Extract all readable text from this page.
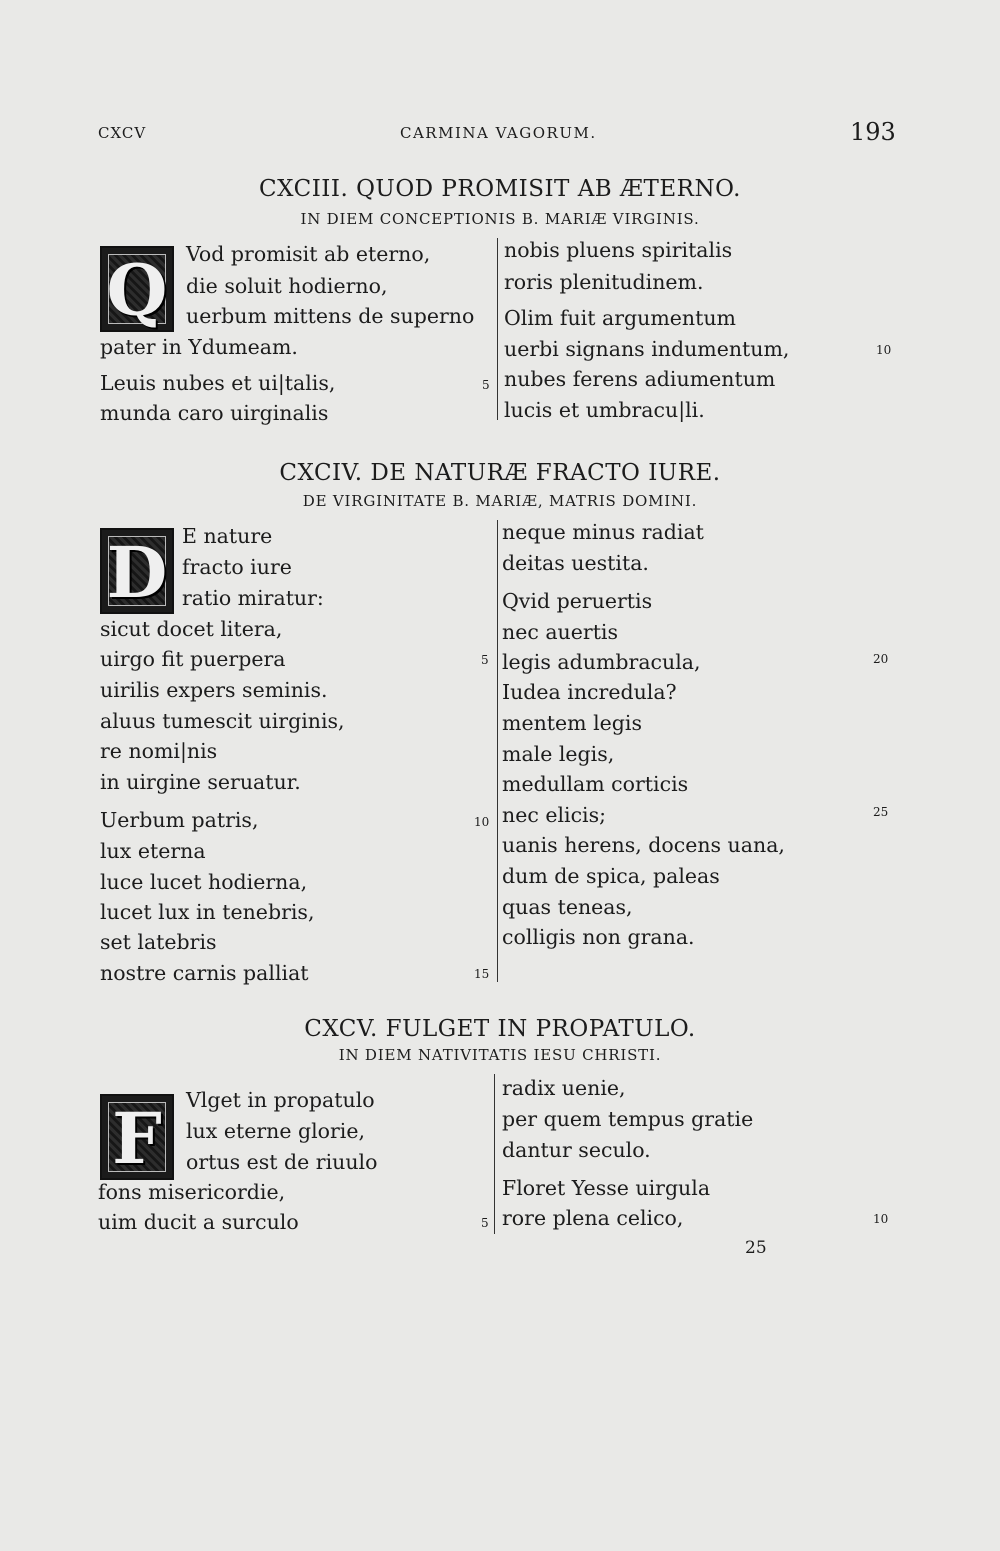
CXCV	CARMINA VAGORUM.	193
CXCIII. QUOD PROMISIT AB ÆTERNO.
IN DIEM CONCEPTIONIS B. MARIÆ VIRGINIS.
Q Vod promisit ab eterno,
die soluit hodierno,
uerbum mittens de superno
pater in Ydumeam.
Leuis nubes et ui|talis,
munda caro uirginalis
5
nobis pluens spiritalis
roris plenitudinem.
Olim fuit argumentum
uerbi signans indumentum,
nubes ferens adiumentum
lucis et umbracu|li.
10
CXCIV. DE NATURÆ FRACTO IURE.
DE VIRGINITATE B. MARIÆ, MATRIS DOMINI.
D E nature
fracto iure
ratio miratur:
sicut docet litera,
uirgo fit puerpera
uirilis expers seminis.
aluus tumescit uirginis,
re nomi|nis
in uirgine seruatur.
Uerbum patris,
lux eterna
luce lucet hodierna,
lucet lux in tenebris,
set latebris
nostre carnis palliat
5
10
15
neque minus radiat
deitas uestita.
Qvid peruertis
nec auertis
legis adumbracula,
Iudea incredula?
mentem legis
male legis,
medullam corticis
nec elicis;
uanis herens, docens uana,
dum de spica, paleas
quas teneas,
colligis non grana.
20
25
CXCV. FULGET IN PROPATULO.
IN DIEM NATIVITATIS IESU CHRISTI.
F	Vlget in propatulo
lux eterne glorie,
ortus est de riuulo
fons misericordie,
uim ducit a surculo	5
radix uenie,
per quem tempus gratie
dantur seculo.
Floret Yesse uirgula
rore plena celico,	10
25
